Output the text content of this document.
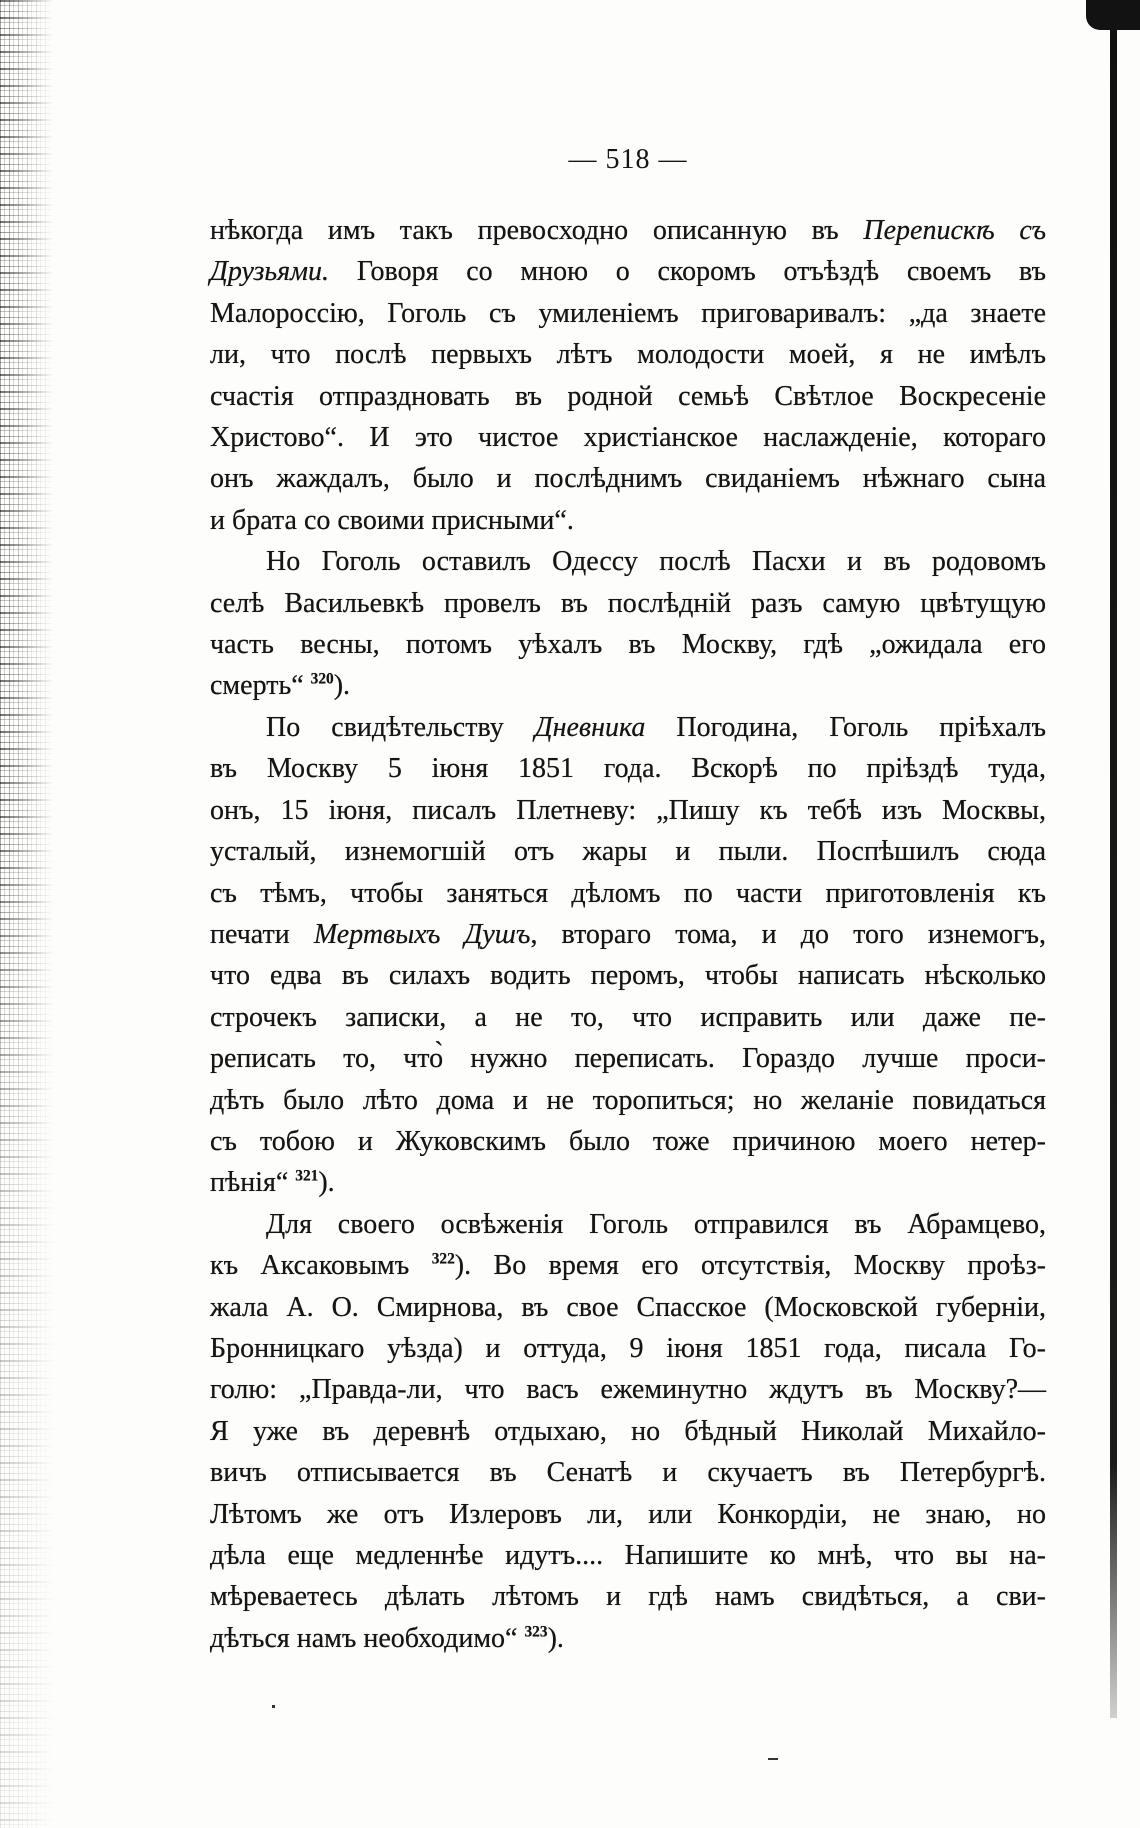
— 518 —
нѣкогда имъ такъ превосходно описанную въ Перепискѣ съ
Друзьями. Говоря со мною о скоромъ отъѣздѣ своемъ въ
Малороссію, Гоголь съ умиленіемъ приговаривалъ: „да знаете
ли, что послѣ первыхъ лѣтъ молодости моей, я не имѣлъ
счастія отпраздновать въ родной семьѣ Свѣтлое Воскресеніе
Христово“. И это чистое христіанское наслажденіе, котораго
онъ жаждалъ, было и послѣднимъ свиданіемъ нѣжнаго сына
и брата со своими присными“.
Но Гоголь оставилъ Одессу послѣ Пасхи и въ родовомъ
селѣ Васильевкѣ провелъ въ послѣдній разъ самую цвѣтущую
часть весны, потомъ уѣхалъ въ Москву, гдѣ „ожидала его
смерть“ $^{320}$).
По свидѣтельству Дневника Погодина, Гоголь пріѣхалъ
въ Москву 5 іюня 1851 года. Вскорѣ по пріѣздѣ туда,
онъ, 15 іюня, писалъ Плетневу: „Пишу къ тебѣ изъ Москвы,
усталый, изнемогшій отъ жары и пыли. Поспѣшилъ сюда
съ тѣмъ, чтобы заняться дѣломъ по части приготовленія къ
печати Мертвыхъ Душъ, втораго тома, и до того изнемогъ,
что едва въ силахъ водить перомъ, чтобы написать нѣсколько
строчекъ записки, а не то, что исправить или даже пе-
реписать то, что̀ нужно переписать. Гораздо лучше проси-
дѣть было лѣто дома и не торопиться; но желаніе повидаться
съ тобою и Жуковскимъ было тоже причиною моего нетер-
пѣнія“ $^{321}$).
Для своего освѣженія Гоголь отправился въ Абрамцево,
къ Аксаковымъ $^{322}$). Во время его отсутствія, Москву проѣз-
жала А. О. Смирнова, въ свое Спасское (Московской губерніи,
Бронницкаго уѣзда) и оттуда, 9 іюня 1851 года, писала Го-
голю: „Правда-ли, что васъ ежеминутно ждутъ въ Москву?—
Я уже въ деревнѣ отдыхаю, но бѣдный Николай Михайло-
вичъ отписывается въ Сенатѣ и скучаетъ въ Петербургѣ.
Лѣтомъ же отъ Излеровъ ли, или Конкордіи, не знаю, но
дѣла еще медленнѣе идутъ.... Напишите ко мнѣ, что вы на-
мѣреваетесь дѣлать лѣтомъ и гдѣ намъ свидѣться, а сви-
дѣться намъ необходимо“ $^{323}$).
